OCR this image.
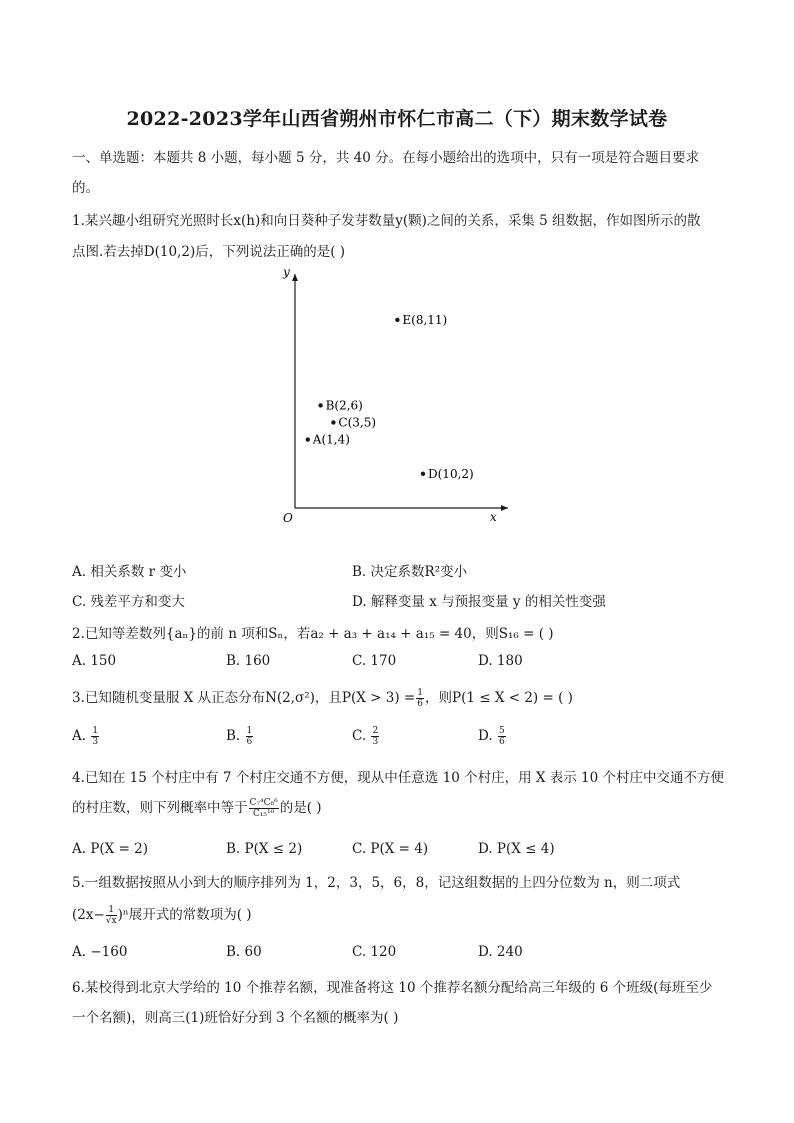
2022-2023学年山西省朔州市怀仁市高二（下）期末数学试卷
一、单选题：本题共 8 小题，每小题 5 分，共 40 分。在每小题给出的选项中，只有一项是符合题目要求
的。
1.某兴趣小组研究光照时长x(h)和向日葵种子发芽数量y(颗)之间的关系，采集 5 组数据，作如图所示的散
点图.若去掉D(10,2)后，下列说法正确的是( )
x
y
O
A(1,4)
B(2,6)
C(3,5)
E(8,11)
D(10,2)
A. 相关系数 r 变小	B. 决定系数R²变小
C. 残差平方和变大	D. 解释变量 x 与预报变量 y 的相关性变强
2.已知等差数列{aₙ}的前 n 项和Sₙ，若a₂ + a₃ + a₁₄ + a₁₅ = 40，则S₁₆ = ( )
A. 150	B. 160	C. 170	D. 180
3.已知随机变量服 X 从正态分布N(2,σ²)，且$P(X > 3) = \frac{1}{6}$ ，则P(1 ≤ X < 2) = ( )
A. $\frac{1}{3}$	B. $\frac{1}{6}$	C. $\frac{2}{3}$	D. $\frac{5}{6}$
4.已知在 15 个村庄中有 7 个村庄交通不方便，现从中任意选 10 个村庄，用 X 表示 10 个村庄中交通不方便
的村庄数，则下列概率中等于 $\frac{\text{C₇⁴C₈⁶}}{\text{C₁₅¹⁰}}$ 的是( )
A. P(X = 2)	B. P(X ≤ 2)	C. P(X = 4)	D. P(X ≤ 4)
5.一组数据按照从小到大的顺序排列为 1，2，3，5，6，8，记这组数据的上四分位数为 n，则二项式
$(2x- \frac{1}{√x} )^n$展开式的常数项为( )
A. −160	B. 60	C. 120	D. 240
6.某校得到北京大学给的 10 个推荐名额，现准备将这 10 个推荐名额分配给高三年级的 6 个班级(每班至少
一个名额)，则高三(1)班恰好分到 3 个名额的概率为( )
